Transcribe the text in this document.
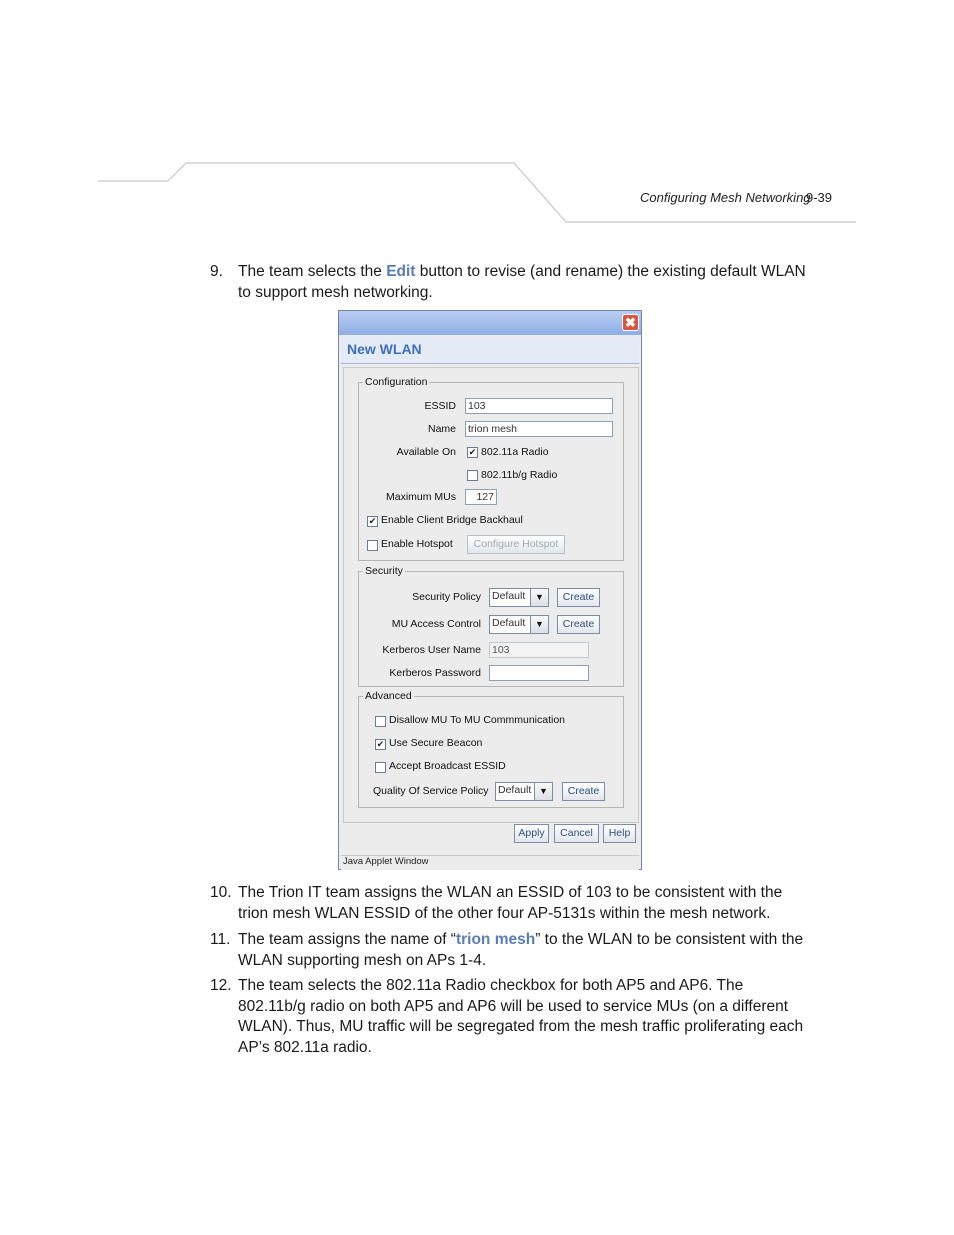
Configuring Mesh Networking
9-39
9. The team selects the Edit button to revise (and rename) the existing default WLAN to support mesh networking.
✖
New WLAN
Configuration
ESSID 103
Name trion mesh
Available On ✔ 802.11a Radio
802.11b/g Radio
Maximum MUs	127
✔ Enable Client Bridge Backhaul
Enable Hotspot	Configure Hotspot
Security
Security Policy Default	▼	Create
MU Access Control Default	▼	Create
Kerberos User Name 103
Kerberos Password
Advanced
Disallow MU To MU Commmunication
✔ Use Secure Beacon
Accept Broadcast ESSID
Quality Of Service Policy Default ▼	Create
Apply	Cancel	Help
Java Applet Window
10. The Trion IT team assigns the WLAN an ESSID of 103 to be consistent with the trion mesh WLAN ESSID of the other four AP-5131s within the mesh network.
11. The team assigns the name of “trion mesh” to the WLAN to be consistent with the WLAN supporting mesh on APs 1-4.
12. The team selects the 802.11a Radio checkbox for both AP5 and AP6. The 802.11b/g radio on both AP5 and AP6 will be used to service MUs (on a different WLAN). Thus, MU traffic will be segregated from the mesh traffic proliferating each AP’s 802.11a radio.
